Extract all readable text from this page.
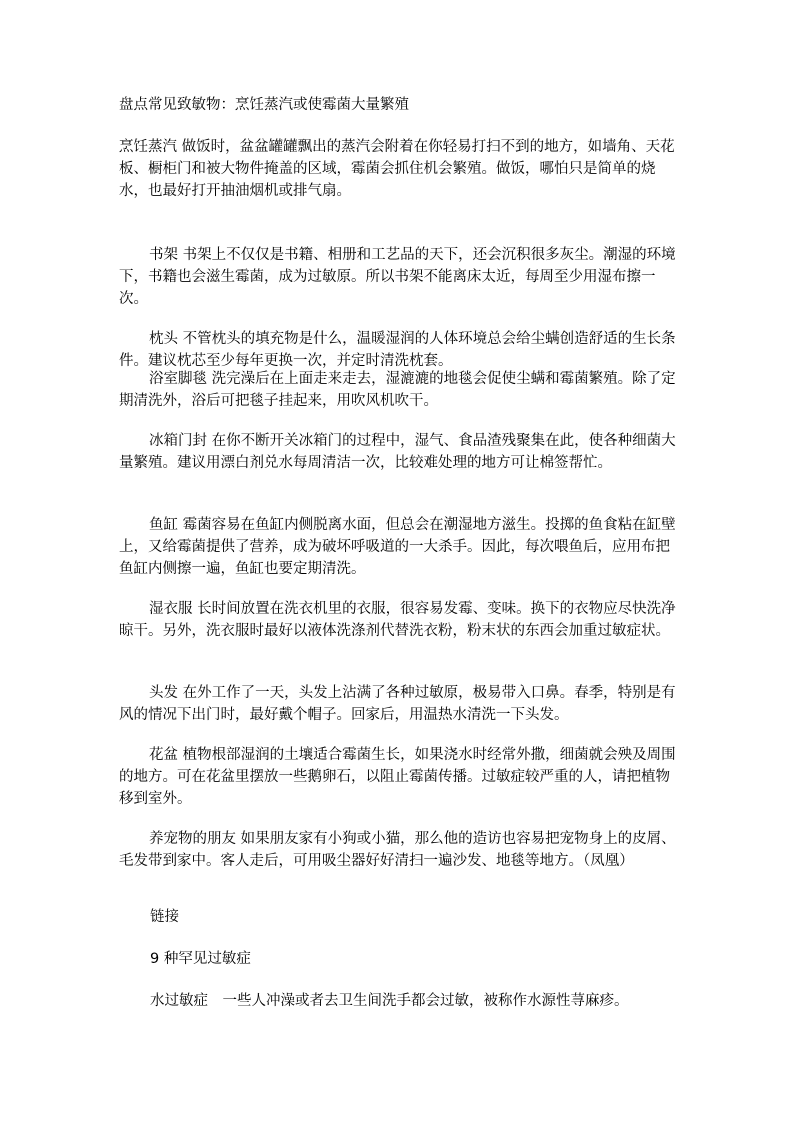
盘点常见致敏物：烹饪蒸汽或使霉菌大量繁殖
烹饪蒸汽 做饭时，盆盆罐罐飘出的蒸汽会附着在你轻易打扫不到的地方，如墙角、天花板、橱柜门和被大物件掩盖的区域，霉菌会抓住机会繁殖。做饭，哪怕只是简单的烧水，也最好打开抽油烟机或排气扇。
书架 书架上不仅仅是书籍、相册和工艺品的天下，还会沉积很多灰尘。潮湿的环境下，书籍也会滋生霉菌，成为过敏原。所以书架不能离床太近，每周至少用湿布擦一次。
枕头 不管枕头的填充物是什么，温暖湿润的人体环境总会给尘螨创造舒适的生长条件。建议枕芯至少每年更换一次，并定时清洗枕套。
浴室脚毯 洗完澡后在上面走来走去，湿漉漉的地毯会促使尘螨和霉菌繁殖。除了定期清洗外，浴后可把毯子挂起来，用吹风机吹干。
冰箱门封 在你不断开关冰箱门的过程中，湿气、食品渣残聚集在此，使各种细菌大量繁殖。建议用漂白剂兑水每周清洁一次，比较难处理的地方可让棉签帮忙。
鱼缸 霉菌容易在鱼缸内侧脱离水面，但总会在潮湿地方滋生。投掷的鱼食粘在缸壁上，又给霉菌提供了营养，成为破坏呼吸道的一大杀手。因此，每次喂鱼后，应用布把鱼缸内侧擦一遍，鱼缸也要定期清洗。
湿衣服 长时间放置在洗衣机里的衣服，很容易发霉、变味。换下的衣物应尽快洗净晾干。另外，洗衣服时最好以液体洗涤剂代替洗衣粉，粉末状的东西会加重过敏症状。
头发 在外工作了一天，头发上沾满了各种过敏原，极易带入口鼻。春季，特别是有风的情况下出门时，最好戴个帽子。回家后，用温热水清洗一下头发。
花盆 植物根部湿润的土壤适合霉菌生长，如果浇水时经常外撒，细菌就会殃及周围的地方。可在花盆里摆放一些鹅卵石，以阻止霉菌传播。过敏症较严重的人，请把植物移到室外。
养宠物的朋友 如果朋友家有小狗或小猫，那么他的造访也容易把宠物身上的皮屑、毛发带到家中。客人走后，可用吸尘器好好清扫一遍沙发、地毯等地方。（凤凰）
链接
9 种罕见过敏症
水过敏症　一些人冲澡或者去卫生间洗手都会过敏，被称作水源性荨麻疹。
